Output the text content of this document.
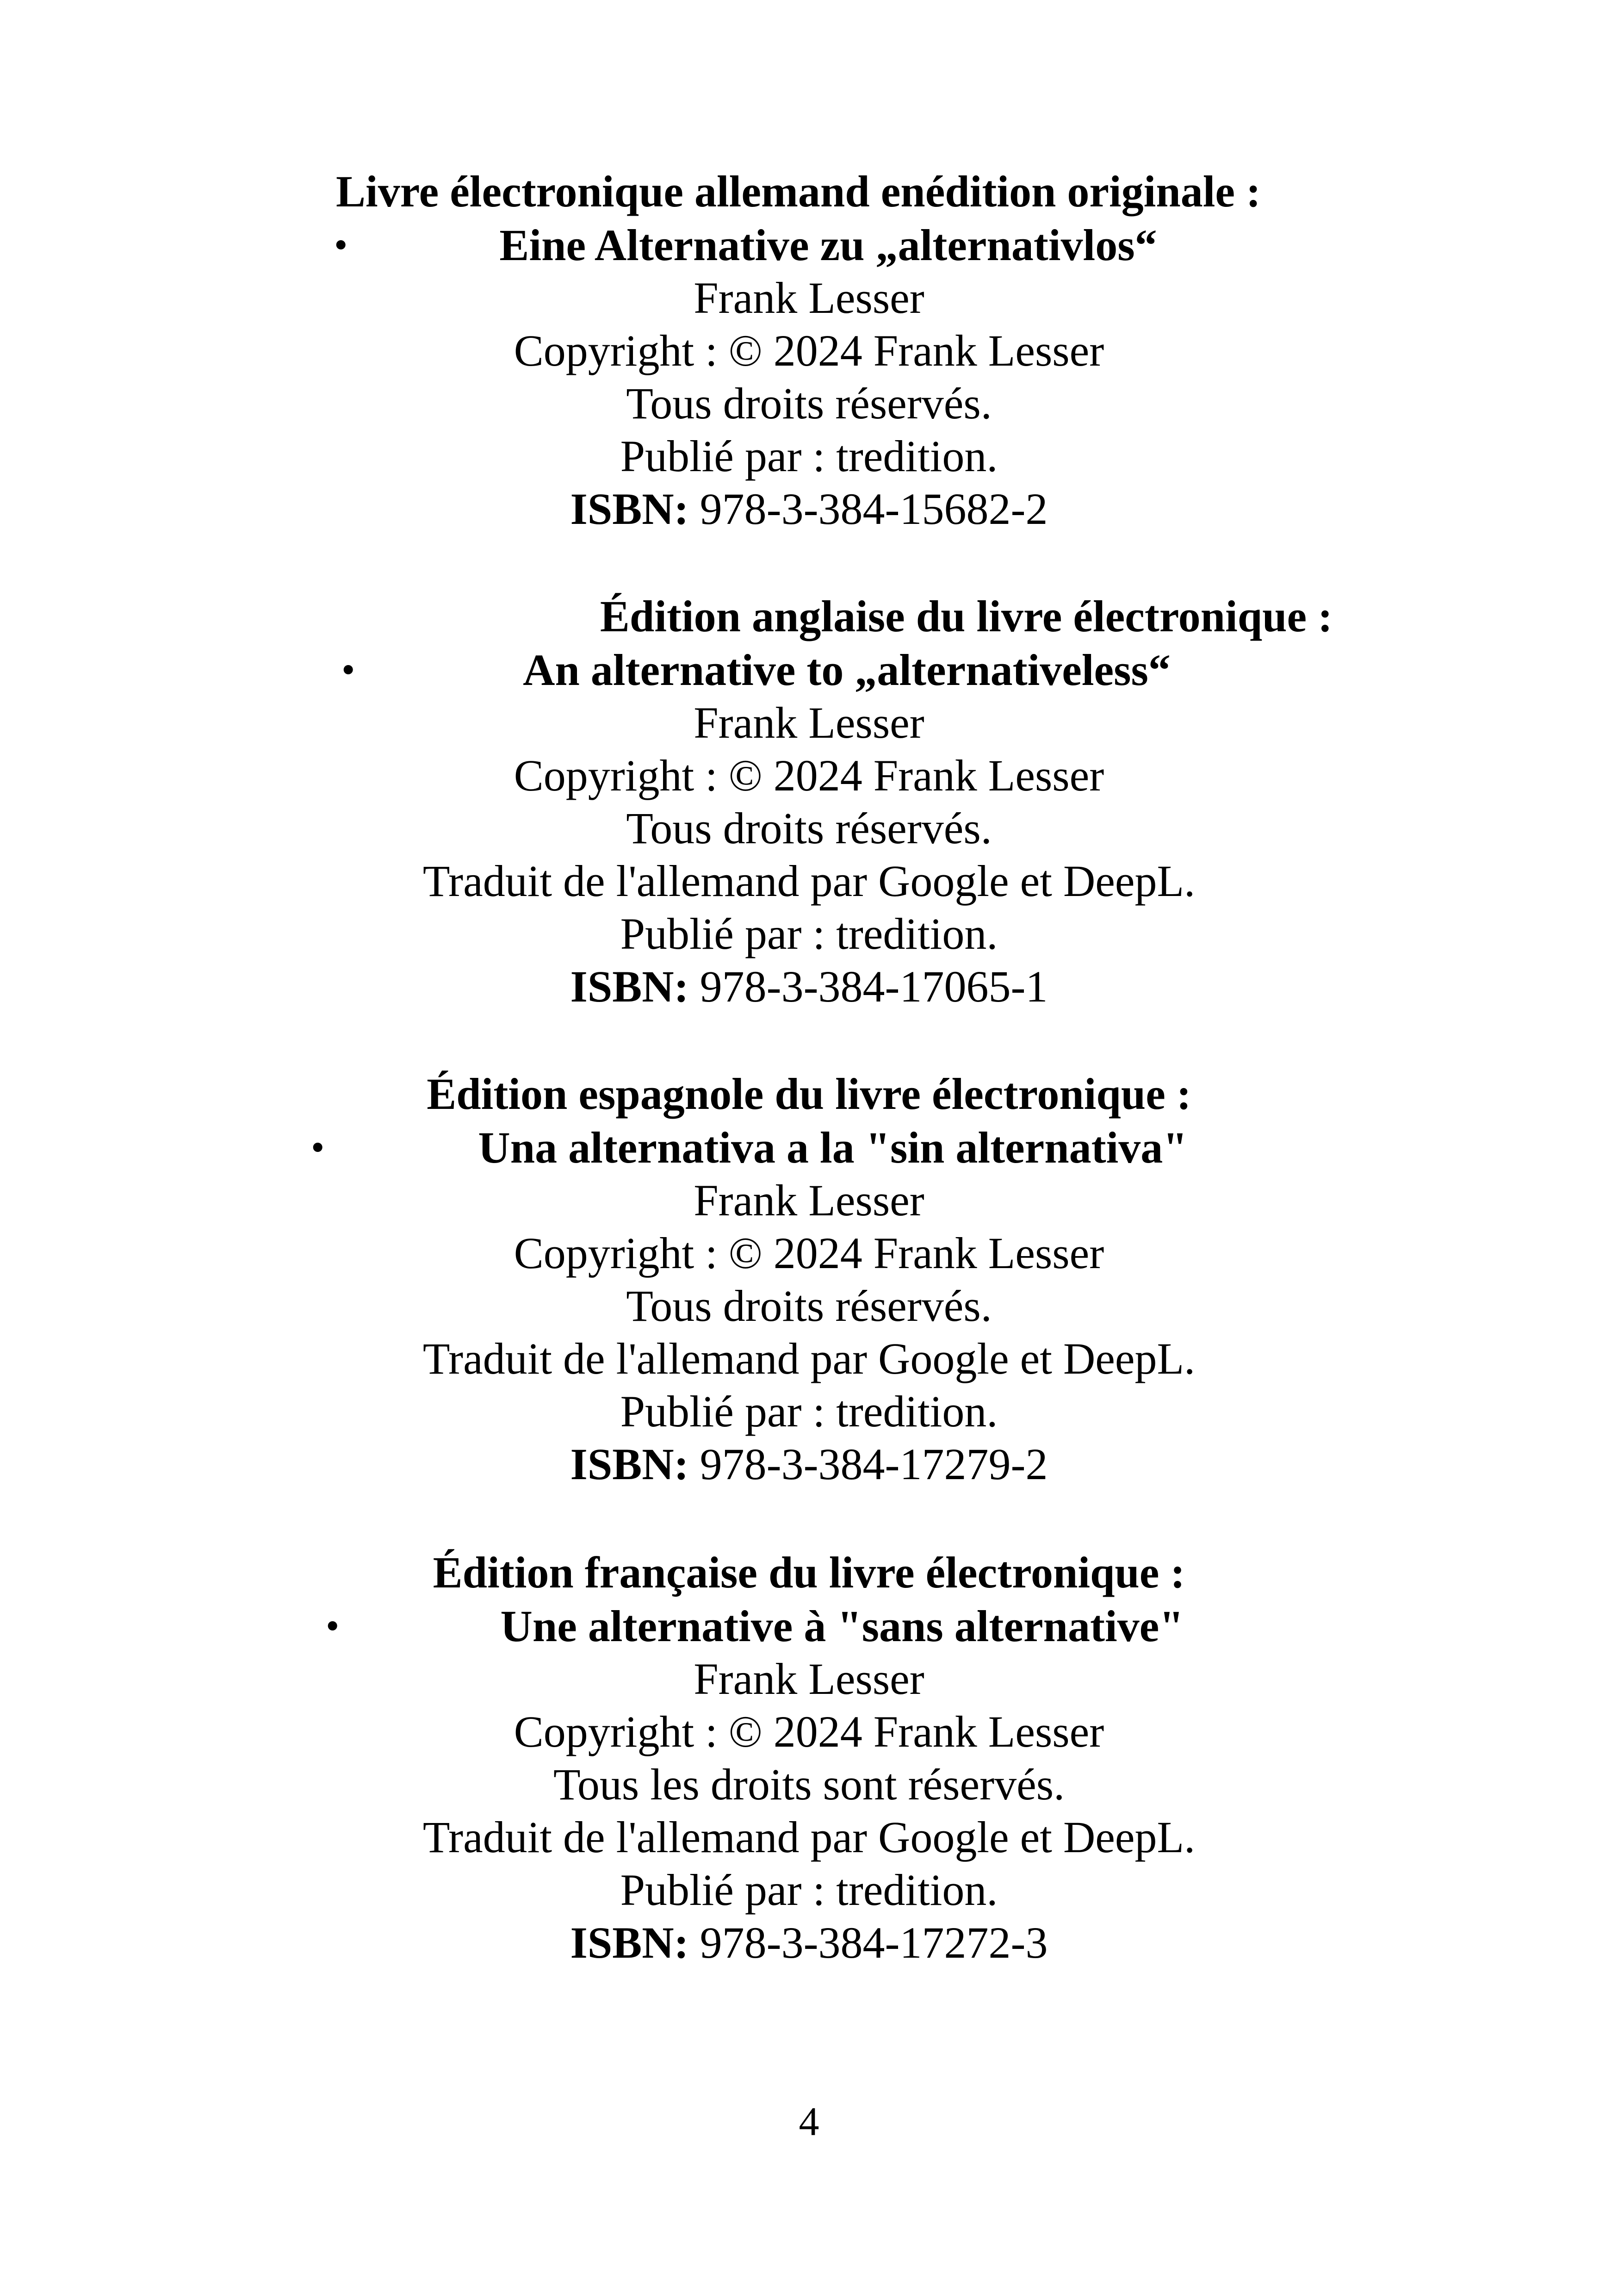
Livre électronique allemand enédition originale :
•	Eine Alternative zu „alternativlos“
Frank Lesser
Copyright : © 2024 Frank Lesser
Tous droits réservés.
Publié par : tredition.
ISBN: 978-3-384-15682-2
Édition anglaise du livre électronique :
•	An alternative to „alternativeless“
Frank Lesser
Copyright : © 2024 Frank Lesser
Tous droits réservés.
Traduit de l'allemand par Google et DeepL.
Publié par : tredition.
ISBN: 978-3-384-17065-1
Édition espagnole du livre électronique :
•	Una alternativa a la "sin alternativa"
Frank Lesser
Copyright : © 2024 Frank Lesser
Tous droits réservés.
Traduit de l'allemand par Google et DeepL.
Publié par : tredition.
ISBN: 978-3-384-17279-2
Édition française du livre électronique :
•	Une alternative à "sans alternative"
Frank Lesser
Copyright : © 2024 Frank Lesser
Tous les droits sont réservés.
Traduit de l'allemand par Google et DeepL.
Publié par : tredition.
ISBN: 978-3-384-17272-3
4
